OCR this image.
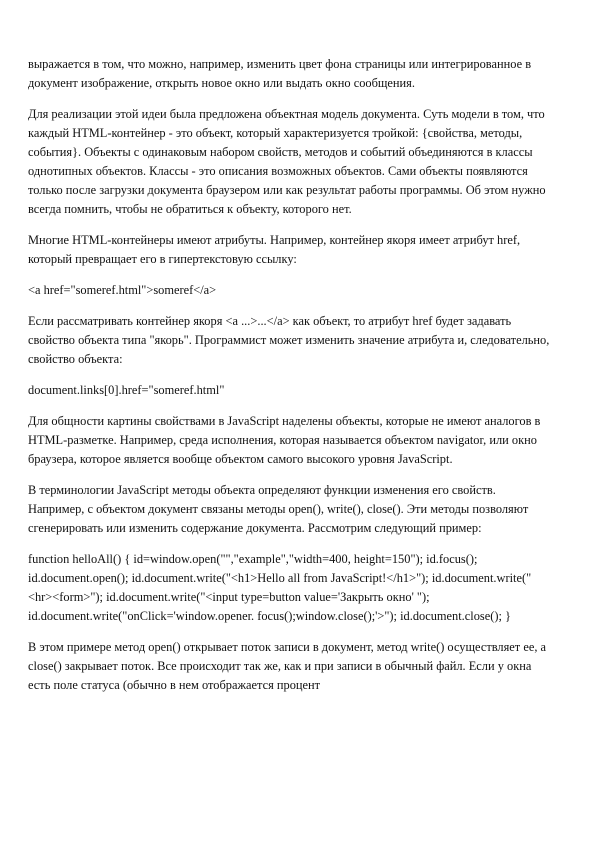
выражается в том, что можно, например, изменить цвет фона страницы или интегрированное в документ изображение, открыть новое окно или выдать окно сообщения.

Для реализации этой идеи была предложена объектная модель документа. Суть модели в том, что каждый HTML-контейнер - это объект, который характеризуется тройкой: {свойства, методы, события}. Объекты с одинаковым набором свойств, методов и событий объединяются в классы однотипных объектов. Классы - это описания возможных объектов. Сами объекты появляются только после загрузки документа браузером или как результат работы программы. Об этом нужно всегда помнить, чтобы не обратиться к объекту, которого нет.

Многие HTML-контейнеры имеют атрибуты. Например, контейнер якоря имеет атрибут href, который превращает его в гипертекстовую ссылку:

<a href="someref.html">someref</a>

Если рассматривать контейнер якоря <a ...>...</a> как объект, то атрибут href будет задавать свойство объекта типа "якорь". Программист может изменить значение атрибута и, следовательно, свойство объекта:

document.links[0].href="someref.html"

Для общности картины свойствами в JavaScript наделены объекты, которые не имеют аналогов в HTML-разметке. Например, среда исполнения, которая называется объектом navigator, или окно браузера, которое является вообще объектом самого высокого уровня JavaScript.

В терминологии JavaScript методы объекта определяют функции изменения его свойств. Например, с объектом документ связаны методы open(), write(), close(). Эти методы позволяют сгенерировать или изменить содержание документа. Рассмотрим следующий пример:

function helloAll() { id=window.open("","example","width=400, height=150"); id.focus(); id.document.open(); id.document.write("<h1>Hello all from JavaScript!</h1>"); id.document.write("<hr><form>"); id.document.write("<input type=button value='Закрыть окно' "); id.document.write("onClick='window.opener. focus();window.close();'>"); id.document.close(); }

В этом примере метод open() открывает поток записи в документ, метод write() осуществляет ее, а close() закрывает поток. Все происходит так же, как и при записи в обычный файл. Если у окна есть поле статуса (обычно в нем отображается процент
